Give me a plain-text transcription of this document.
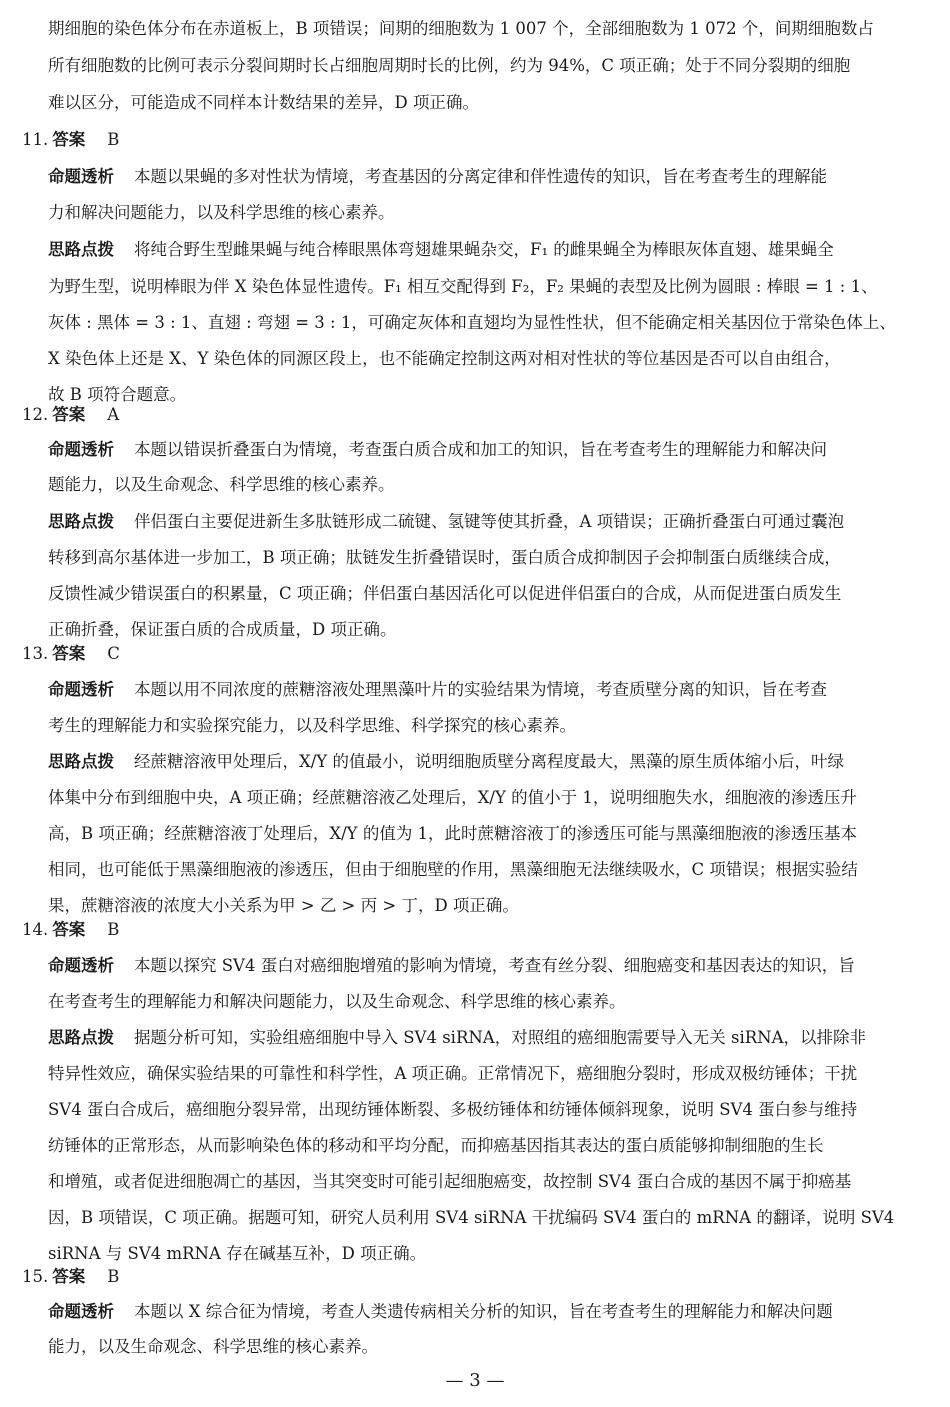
期细胞的染色体分布在赤道板上，B 项错误；间期的细胞数为 1 007 个，全部细胞数为 1 072 个，间期细胞数占
所有细胞数的比例可表示分裂间期时长占细胞周期时长的比例，约为 94%，C 项正确；处于不同分裂期的细胞
难以区分，可能造成不同样本计数结果的差异，D 项正确。
11. 答案 B
命题透析 本题以果蝇的多对性状为情境，考查基因的分离定律和伴性遗传的知识，旨在考查考生的理解能
力和解决问题能力，以及科学思维的核心素养。
思路点拨 将纯合野生型雌果蝇与纯合棒眼黑体弯翅雄果蝇杂交，F₁ 的雌果蝇全为棒眼灰体直翅、雄果蝇全
为野生型，说明棒眼为伴 X 染色体显性遗传。F₁ 相互交配得到 F₂，F₂ 果蝇的表型及比例为圆眼 : 棒眼 = 1 : 1、
灰体 : 黑体 = 3 : 1、直翅 : 弯翅 = 3 : 1，可确定灰体和直翅均为显性性状，但不能确定相关基因位于常染色体上、
X 染色体上还是 X、Y 染色体的同源区段上，也不能确定控制这两对相对性状的等位基因是否可以自由组合，
故 B 项符合题意。
12. 答案 A
命题透析 本题以错误折叠蛋白为情境，考查蛋白质合成和加工的知识，旨在考查考生的理解能力和解决问
题能力，以及生命观念、科学思维的核心素养。
思路点拨 伴侣蛋白主要促进新生多肽链形成二硫键、氢键等使其折叠，A 项错误；正确折叠蛋白可通过囊泡
转移到高尔基体进一步加工，B 项正确；肽链发生折叠错误时，蛋白质合成抑制因子会抑制蛋白质继续合成，
反馈性减少错误蛋白的积累量，C 项正确；伴侣蛋白基因活化可以促进伴侣蛋白的合成，从而促进蛋白质发生
正确折叠，保证蛋白质的合成质量，D 项正确。
13. 答案 C
命题透析 本题以用不同浓度的蔗糖溶液处理黑藻叶片的实验结果为情境，考查质壁分离的知识，旨在考查
考生的理解能力和实验探究能力，以及科学思维、科学探究的核心素养。
思路点拨 经蔗糖溶液甲处理后，X/Y 的值最小，说明细胞质壁分离程度最大，黑藻的原生质体缩小后，叶绿
体集中分布到细胞中央，A 项正确；经蔗糖溶液乙处理后，X/Y 的值小于 1，说明细胞失水，细胞液的渗透压升
高，B 项正确；经蔗糖溶液丁处理后，X/Y 的值为 1，此时蔗糖溶液丁的渗透压可能与黑藻细胞液的渗透压基本
相同，也可能低于黑藻细胞液的渗透压，但由于细胞壁的作用，黑藻细胞无法继续吸水，C 项错误；根据实验结
果，蔗糖溶液的浓度大小关系为甲 > 乙 > 丙 > 丁，D 项正确。
14. 答案 B
命题透析 本题以探究 SV4 蛋白对癌细胞增殖的影响为情境，考查有丝分裂、细胞癌变和基因表达的知识，旨
在考查考生的理解能力和解决问题能力，以及生命观念、科学思维的核心素养。
思路点拨 据题分析可知，实验组癌细胞中导入 SV4 siRNA，对照组的癌细胞需要导入无关 siRNA，以排除非
特异性效应，确保实验结果的可靠性和科学性，A 项正确。正常情况下，癌细胞分裂时，形成双极纺锤体；干扰
SV4 蛋白合成后，癌细胞分裂异常，出现纺锤体断裂、多极纺锤体和纺锤体倾斜现象，说明 SV4 蛋白参与维持
纺锤体的正常形态，从而影响染色体的移动和平均分配，而抑癌基因指其表达的蛋白质能够抑制细胞的生长
和增殖，或者促进细胞凋亡的基因，当其突变时可能引起细胞癌变，故控制 SV4 蛋白合成的基因不属于抑癌基
因，B 项错误，C 项正确。据题可知，研究人员利用 SV4 siRNA 干扰编码 SV4 蛋白的 mRNA 的翻译，说明 SV4
siRNA 与 SV4 mRNA 存在碱基互补，D 项正确。
15. 答案 B
命题透析 本题以 X 综合征为情境，考查人类遗传病相关分析的知识，旨在考查考生的理解能力和解决问题
能力，以及生命观念、科学思维的核心素养。
— 3 —
